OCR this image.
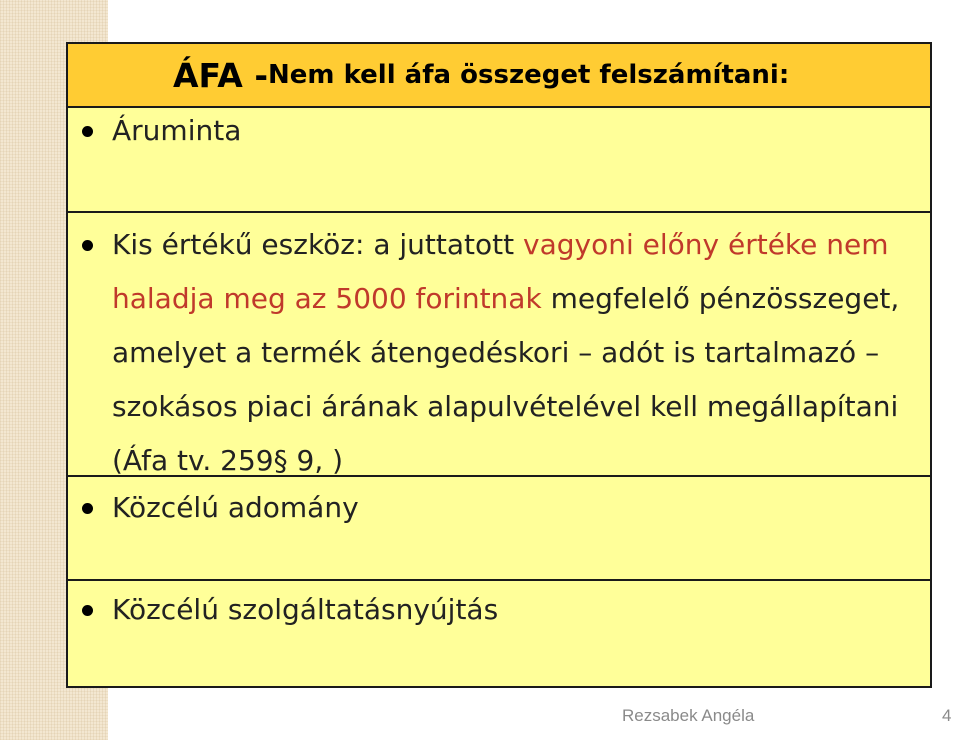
ÁFA - Nem kell áfa összeget felszámítani:
Áruminta
Kis értékű eszköz: a juttatott vagyoni előny értéke nem haladja meg az 5000 forintnak megfelelő pénzösszeget, amelyet a termék átengedéskori – adót is tartalmazó – szokásos piaci árának alapulvételével kell megállapítani (Áfa tv. 259§ 9, )
Közcélú adomány
Közcélú szolgáltatásnyújtás
Rezsabek Angéla	4
